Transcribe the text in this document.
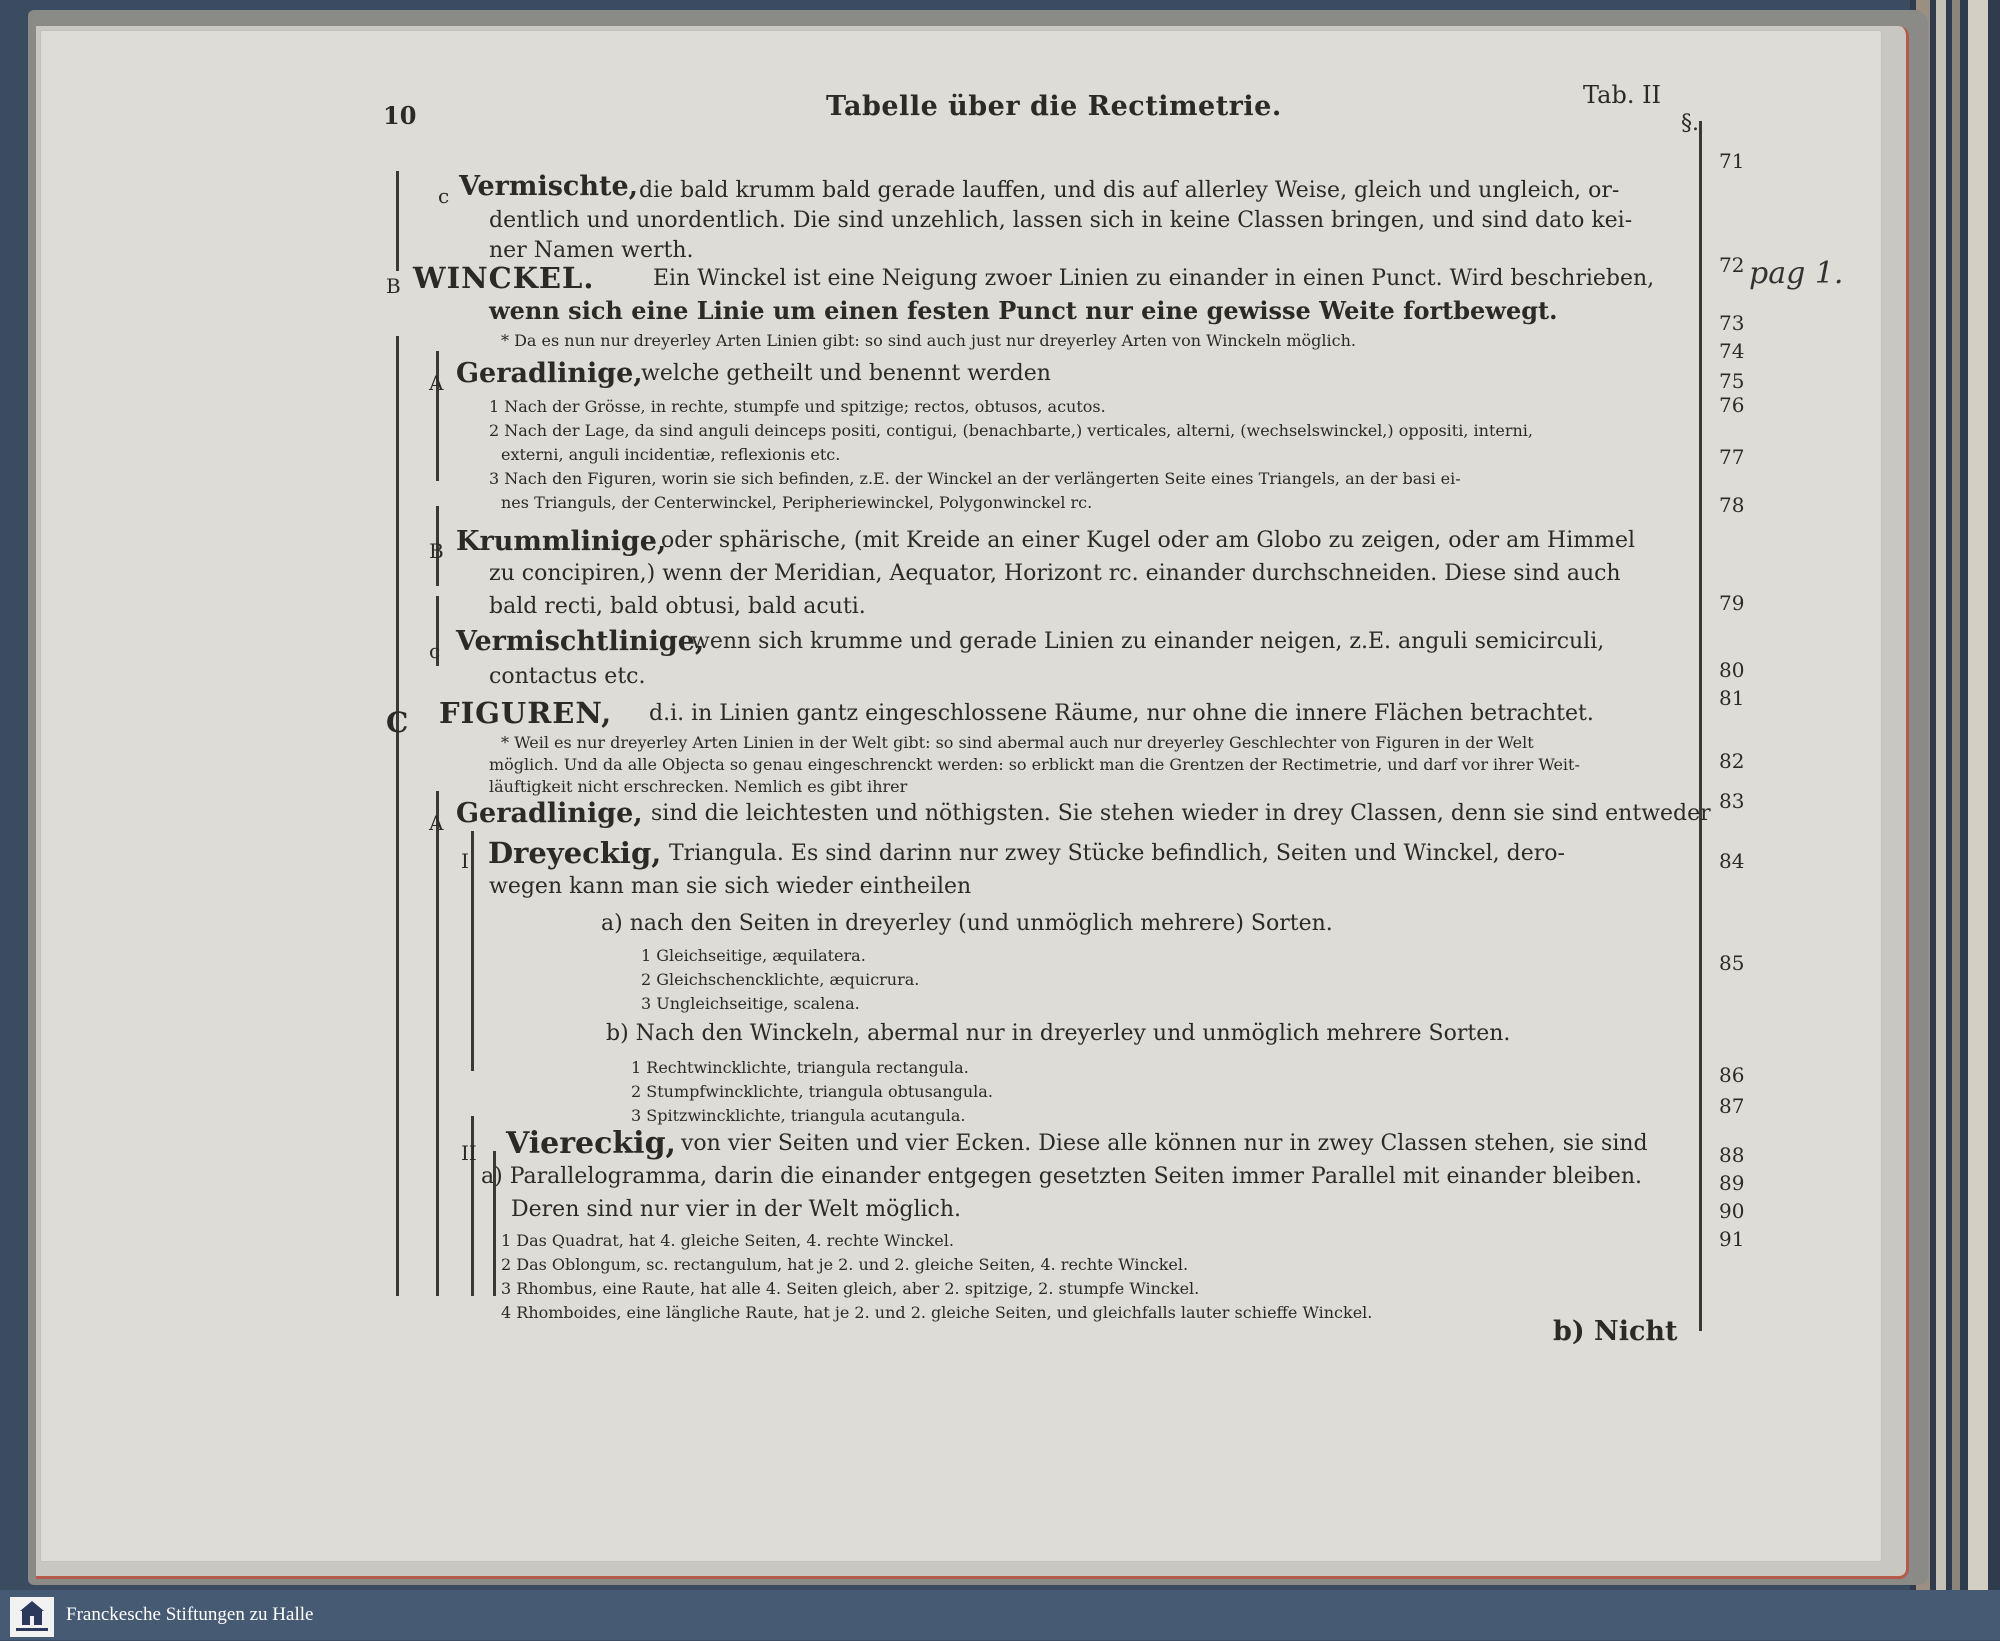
10	Tabelle über die Rectimetrie.	Tab. II
§.
pag 1.
c Vermischte, die bald krumm bald gerade lauffen, und dis auf allerley Weise, gleich und ungleich, or-
dentlich und unordentlich. Die sind unzehlich, lassen sich in keine Classen bringen, und sind dato kei-
ner Namen werth.
B WINCKEL.	Ein Winckel ist eine Neigung zwoer Linien zu einander in einen Punct. Wird beschrieben,
wenn sich eine Linie um einen festen Punct nur eine gewisse Weite fortbewegt.
* Da es nun nur dreyerley Arten Linien gibt: so sind auch just nur dreyerley Arten von Winckeln möglich.
A Geradlinige,
welche getheilt und benennt werden
1 Nach der Grösse, in rechte, stumpfe und spitzige; rectos, obtusos, acutos.
2 Nach der Lage, da sind anguli deinceps positi, contigui, (benachbarte,) verticales, alterni, (wechselswinckel,) oppositi, interni,
externi, anguli incidentiæ, reflexionis etc.
3 Nach den Figuren, worin sie sich befinden, z.E. der Winckel an der verlängerten Seite eines Triangels, an der basi ei-
nes Trianguls, der Centerwinckel, Peripheriewinckel, Polygonwinckel rc.
B Krummlinige,
oder sphärische, (mit Kreide an einer Kugel oder am Globo zu zeigen, oder am Himmel
zu concipiren,) wenn der Meridian, Aequator, Horizont rc. einander durchschneiden. Diese sind auch
bald recti, bald obtusi, bald acuti.
c Vermischtlinige,
wenn sich krumme und gerade Linien zu einander neigen, z.E. anguli semicirculi,
contactus etc.
C FIGUREN, d.i. in Linien gantz eingeschlossene Räume, nur ohne die innere Flächen betrachtet.
* Weil es nur dreyerley Arten Linien in der Welt gibt: so sind abermal auch nur dreyerley Geschlechter von Figuren in der Welt
möglich. Und da alle Objecta so genau eingeschrenckt werden: so erblickt man die Grentzen der Rectimetrie, und darf vor ihrer Weit-
läuftigkeit nicht erschrecken. Nemlich es gibt ihrer
A Geradlinige, sind die leichtesten und nöthigsten. Sie stehen wieder in drey Classen, denn sie sind entweder
I Dreyeckig, Triangula. Es sind darinn nur zwey Stücke befindlich, Seiten und Winckel, dero-
wegen kann man sie sich wieder eintheilen
a) nach den Seiten in dreyerley (und unmöglich mehrere) Sorten.
1 Gleichseitige, æquilatera.
2 Gleichschencklichte, æquicrura.
3 Ungleichseitige, scalena.
b) Nach den Winckeln, abermal nur in dreyerley und unmöglich mehrere Sorten.
1 Rechtwincklichte, triangula rectangula.
2 Stumpfwincklichte, triangula obtusangula.
3 Spitzwincklichte, triangula acutangula.
II Viereckig, von vier Seiten und vier Ecken. Diese alle können nur in zwey Classen stehen, sie sind
a) Parallelogramma, darin die einander entgegen gesetzten Seiten immer Parallel mit einander bleiben.
Deren sind nur vier in der Welt möglich.
1 Das Quadrat, hat 4. gleiche Seiten, 4. rechte Winckel.
2 Das Oblongum, sc. rectangulum, hat je 2. und 2. gleiche Seiten, 4. rechte Winckel.
3 Rhombus, eine Raute, hat alle 4. Seiten gleich, aber 2. spitzige, 2. stumpfe Winckel.
4 Rhomboides, eine längliche Raute, hat je 2. und 2. gleiche Seiten, und gleichfalls lauter schieffe Winckel.
b) Nicht
71
72
73
74
75
76
77
78
79
80
81
82
83
84
85
86
87
88
89
90
91
Franckesche Stiftungen zu Halle
